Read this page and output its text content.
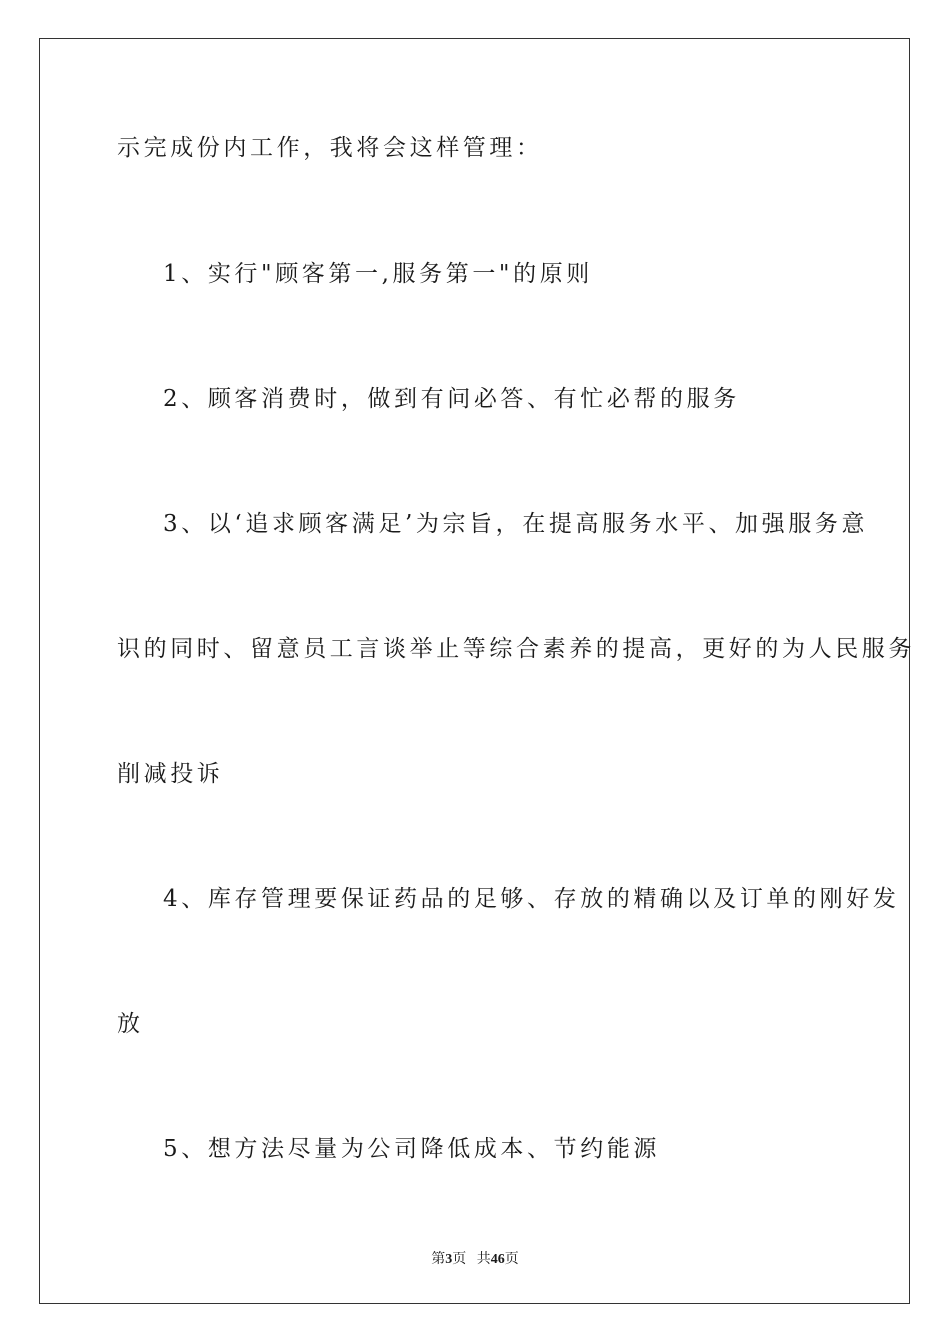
示完成份内工作，我将会这样管理：
1、实行"顾客第一,服务第一"的原则
2、顾客消费时，做到有问必答、有忙必帮的服务
3、以‘追求顾客满足’为宗旨，在提高服务水平、加强服务意
识的同时、留意员工言谈举止等综合素养的提高，更好的为人民服务
削减投诉
4、库存管理要保证药品的足够、存放的精确以及订单的刚好发
放
5、想方法尽量为公司降低成本、节约能源
第3页 共46页
